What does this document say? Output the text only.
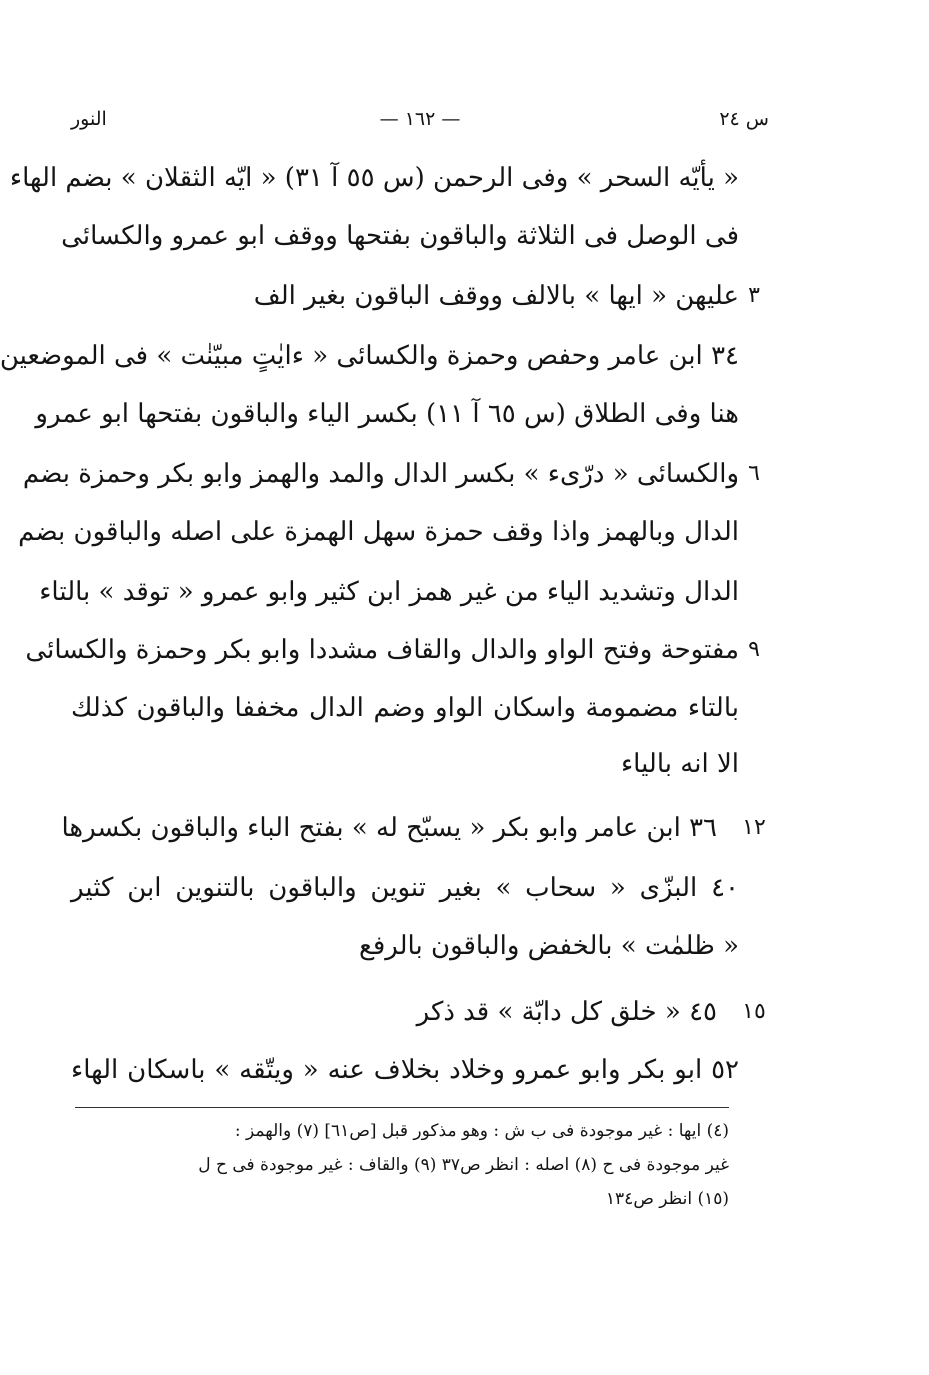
س ٢٤
— ١٦٢ —
النور
« يأيّه السحر » وفى الرحمن (س ٥٥ آ ٣١) « ايّه الثقلان » بضم الهاء
فى الوصل فى الثلاثة والباقون بفتحها ووقف ابو عمرو والكسائى
٣
عليهن « ايها » بالالف ووقف الباقون بغير الف
٣٤ ابن عامر وحفص وحمزة والكسائى « ءايٰتٍ مبيّنٰت » فى الموضعين
هنا وفى الطلاق (س ٦٥ آ ١١) بكسر الياء والباقون بفتحها ابو عمرو
٦
والكسائى « درّىء » بكسر الدال والمد والهمز وابو بكر وحمزة بضم
الدال وبالهمز واذا وقف حمزة سهل الهمزة على اصله والباقون بضم
الدال وتشديد الياء من غير همز ابن كثير وابو عمرو « توقد » بالتاء
٩
مفتوحة وفتح الواو والدال والقاف مشددا وابو بكر وحمزة والكسائى
بالتاء مضمومة واسكان الواو وضم الدال مخففا والباقون كذلك
الا انه بالياء
١٢
٣٦ ابن عامر وابو بكر « يسبّح له » بفتح الباء والباقون بكسرها
٤٠ البزّى « سحاب » بغير تنوين والباقون بالتنوين ابن كثير
« ظلمٰت » بالخفض والباقون بالرفع
١٥
٤٥ « خلق كل دابّة » قد ذكر
٥٢ ابو بكر وابو عمرو وخلاد بخلاف عنه « ويتّقه » باسكان الهاء
(٤) ايها : غير موجودة فى ب ش : وهو مذكور قبل [ص٦١] (٧) والهمز :
غير موجودة فى ح (٨) اصله : انظر ص٣٧ (٩) والقاف : غير موجودة فى ح ل
(١٥) انظر ص١٣٤
